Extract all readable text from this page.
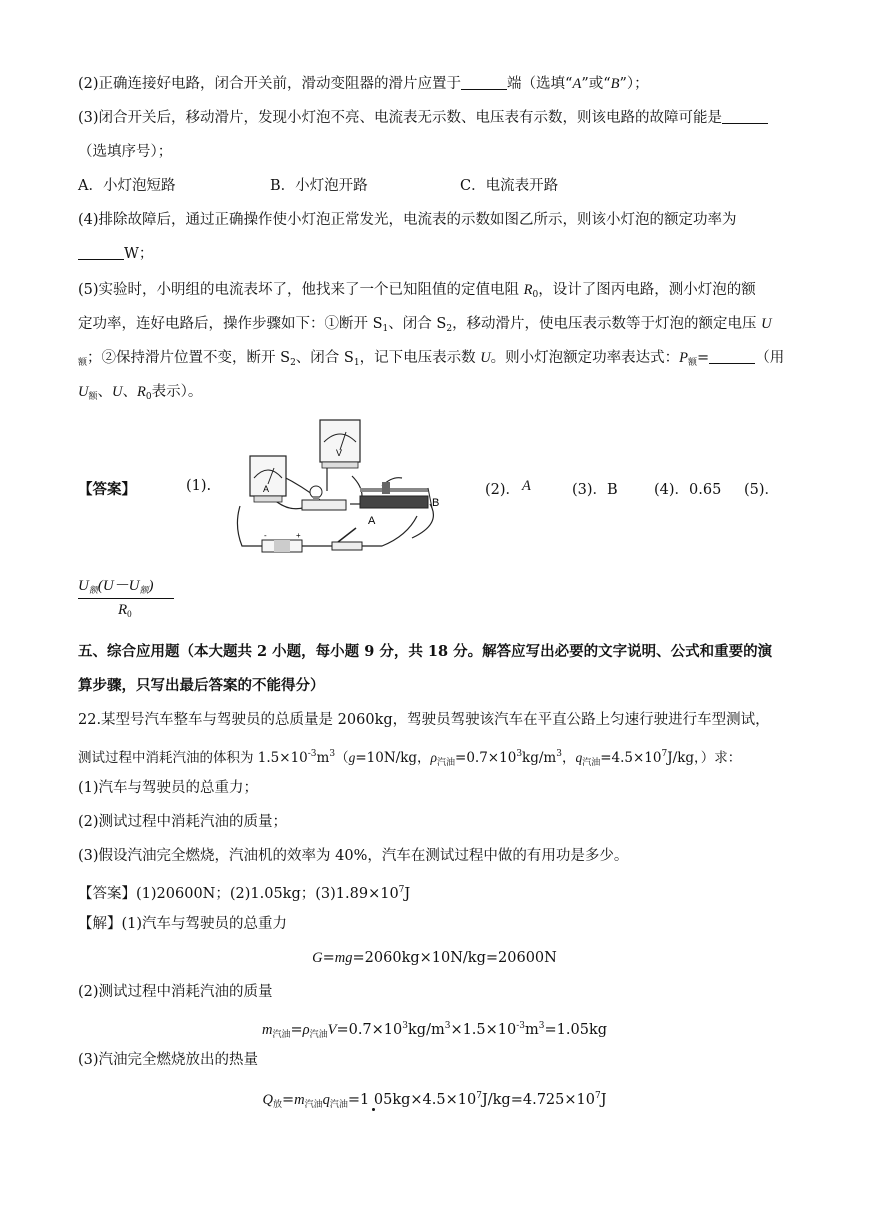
(2)正确连接好电路，闭合开关前，滑动变阻器的滑片应置于	端（选填“A”或“B”）；
(3)闭合开关后，移动滑片，发现小灯泡不亮、电流表无示数、电压表有示数，则该电路的故障可能是
（选填序号）；
A．小灯泡短路	B．小灯泡开路	C．电流表开路
(4)排除故障后，通过正确操作使小灯泡正常发光，电流表的示数如图乙所示，则该小灯泡的额定功率为
W；
(5)实验时，小明组的电流表坏了，他找来了一个已知阻值的定值电阻 $R_0$，设计了图丙电路，测小灯泡的额
定功率，连好电路后，操作步骤如下：①断开 $S_1$、闭合 $S_2$，移动滑片，使电压表示数等于灯泡的额定电压 U
$_额$；②保持滑片位置不变，断开 $S_2$、闭合 $S_1$，记下电压表示数 U。则小灯泡额定功率表达式：$P_额=$	（用
$U_额$、U、$R_0$表示）。
【答案】	(1).	(2)． A	(3)．B	(4)．0.65 (5)．
A
V
A
B
-	+
$U_额(U-U_额)$
$R_0$
五、综合应用题（本大题共 2 小题，每小题 9 分，共 18 分。解答应写出必要的文字说明、公式和重要的演
算步骤，只写出最后答案的不能得分）
22.某型号汽车整车与驾驶员的总质量是 2060kg，驾驶员驾驶该汽车在平直公路上匀速行驶进行车型测试，
测试过程中消耗汽油的体积为 $1.5\times 10^{-3}m^3(g=10N/kg$，$\rho_{汽油}=0.7\times 10^3kg/m^3$，$q_{汽油}=4.5\times 10^7J/kg$，）求：
(1)汽车与驾驶员的总重力；
(2)测试过程中消耗汽油的质量；
(3)假设汽油完全燃烧，汽油机的效率为 40%，汽车在测试过程中做的有用功是多少。
【答案】(1)20600N；(2)1.05kg；$(3)1.89\times 10^7J$
【解】(1)汽车与驾驶员的总重力
G=mg=2060kg×10N/kg=20600N
(2)测试过程中消耗汽油的质量
$m_{汽油}=\rho_{汽油}V=0.7\times 10^3kg/m^3\times 1.5\times 10^{-3}m^3=1.05kg$
(3)汽油完全燃烧放出的热量
$Q_放=m_{汽油}q_{汽油}=1$ $05kg\times 4.5\times 10^7J/kg=4.725\times 10^7J$
